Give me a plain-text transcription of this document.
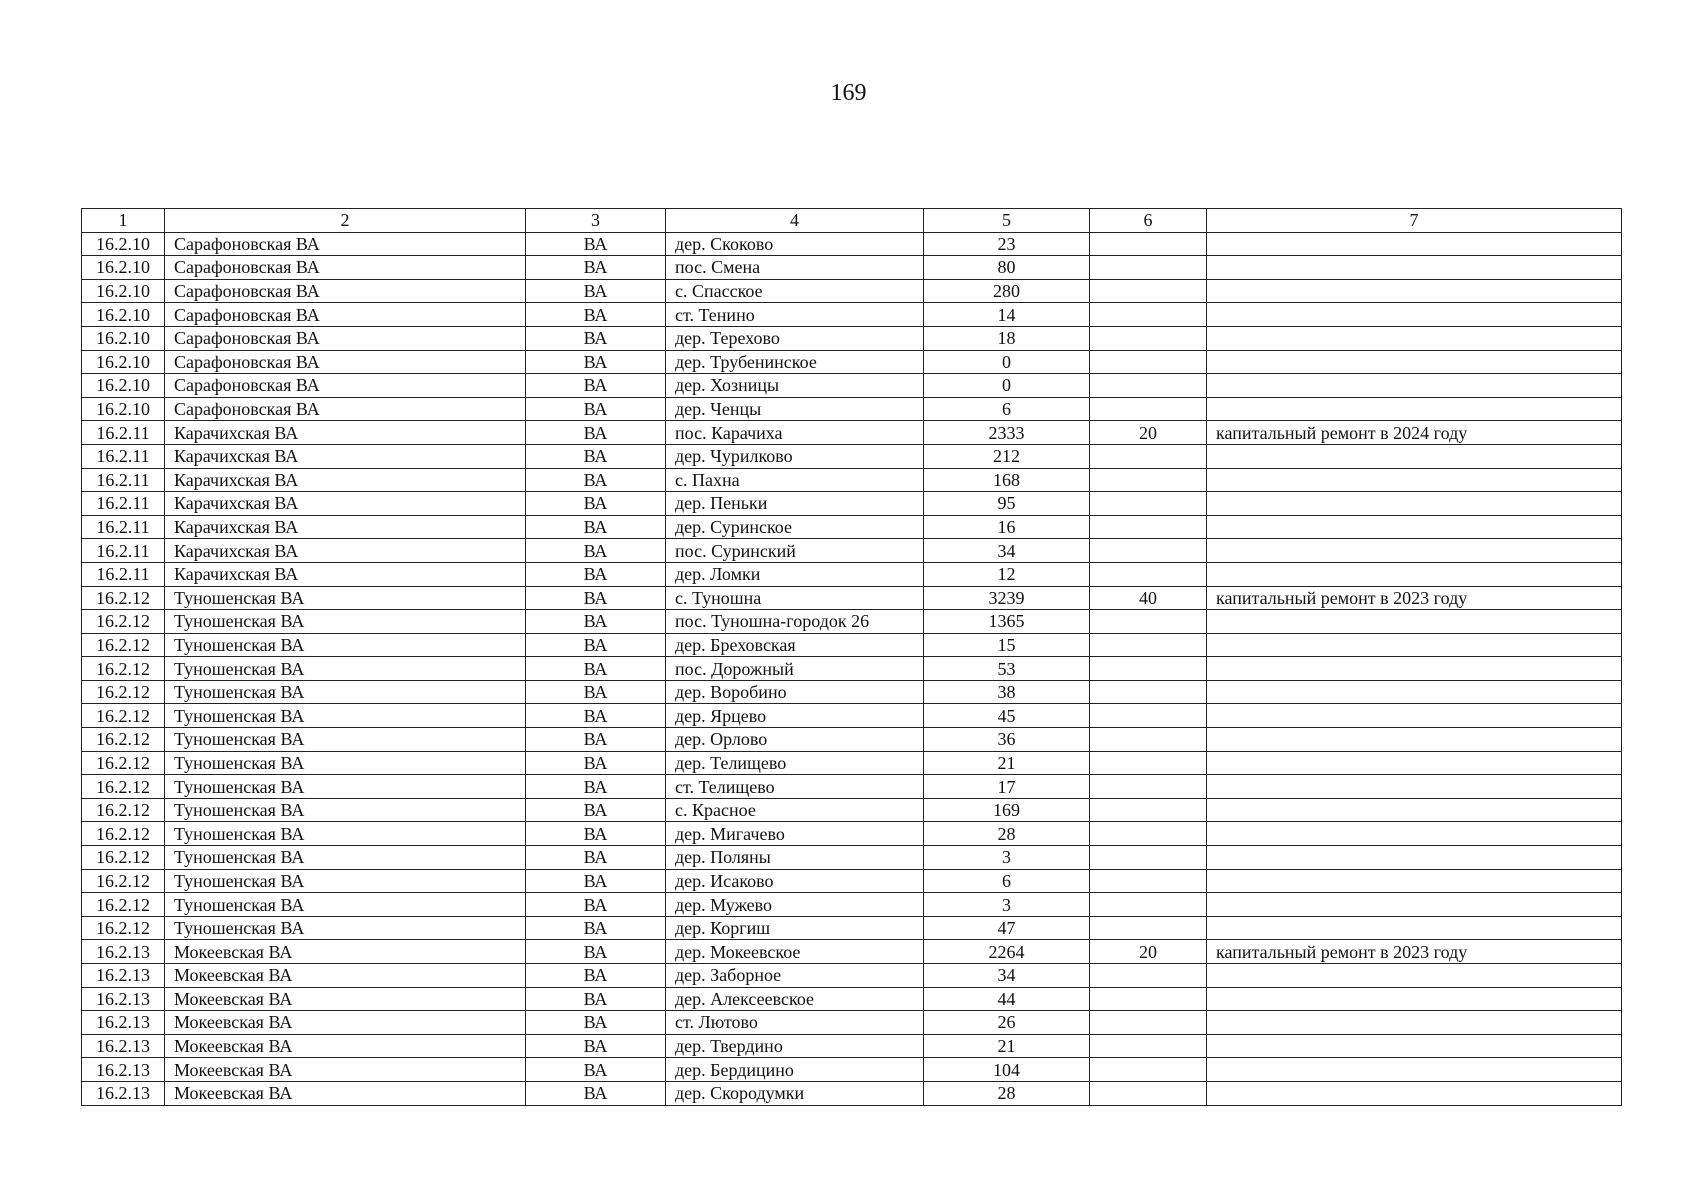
169
1	2	3	4	5	6	7
16.2.10	Сарафоновская ВА	ВА	дер. Скоково	23		
16.2.10	Сарафоновская ВА	ВА	пос. Смена	80		
16.2.10	Сарафоновская ВА	ВА	с. Спасское	280		
16.2.10	Сарафоновская ВА	ВА	ст. Тенино	14		
16.2.10	Сарафоновская ВА	ВА	дер. Терехово	18		
16.2.10	Сарафоновская ВА	ВА	дер. Трубенинское	0		
16.2.10	Сарафоновская ВА	ВА	дер. Хозницы	0		
16.2.10	Сарафоновская ВА	ВА	дер. Ченцы	6		
16.2.11	Карачихская ВА	ВА	пос. Карачиха	2333	20	капитальный ремонт в 2024 году
16.2.11	Карачихская ВА	ВА	дер. Чурилково	212		
16.2.11	Карачихская ВА	ВА	с. Пахна	168		
16.2.11	Карачихская ВА	ВА	дер. Пеньки	95		
16.2.11	Карачихская ВА	ВА	дер. Суринское	16		
16.2.11	Карачихская ВА	ВА	пос. Суринский	34		
16.2.11	Карачихская ВА	ВА	дер. Ломки	12		
16.2.12	Туношенская ВА	ВА	с. Туношна	3239	40	капитальный ремонт в 2023 году
16.2.12	Туношенская ВА	ВА	пос. Туношна-городок 26	1365		
16.2.12	Туношенская ВА	ВА	дер. Бреховская	15		
16.2.12	Туношенская ВА	ВА	пос. Дорожный	53		
16.2.12	Туношенская ВА	ВА	дер. Воробино	38		
16.2.12	Туношенская ВА	ВА	дер. Ярцево	45		
16.2.12	Туношенская ВА	ВА	дер. Орлово	36		
16.2.12	Туношенская ВА	ВА	дер. Телищево	21		
16.2.12	Туношенская ВА	ВА	ст. Телищево	17		
16.2.12	Туношенская ВА	ВА	с. Красное	169		
16.2.12	Туношенская ВА	ВА	дер. Мигачево	28		
16.2.12	Туношенская ВА	ВА	дер. Поляны	3		
16.2.12	Туношенская ВА	ВА	дер. Исаково	6		
16.2.12	Туношенская ВА	ВА	дер. Мужево	3		
16.2.12	Туношенская ВА	ВА	дер. Коргиш	47		
16.2.13	Мокеевская ВА	ВА	дер. Мокеевское	2264	20	капитальный ремонт в 2023 году
16.2.13	Мокеевская ВА	ВА	дер. Заборное	34		
16.2.13	Мокеевская ВА	ВА	дер. Алексеевское	44		
16.2.13	Мокеевская ВА	ВА	ст. Лютово	26		
16.2.13	Мокеевская ВА	ВА	дер. Твердино	21		
16.2.13	Мокеевская ВА	ВА	дер. Бердицино	104		
16.2.13	Мокеевская ВА	ВА	дер. Скородумки	28		
